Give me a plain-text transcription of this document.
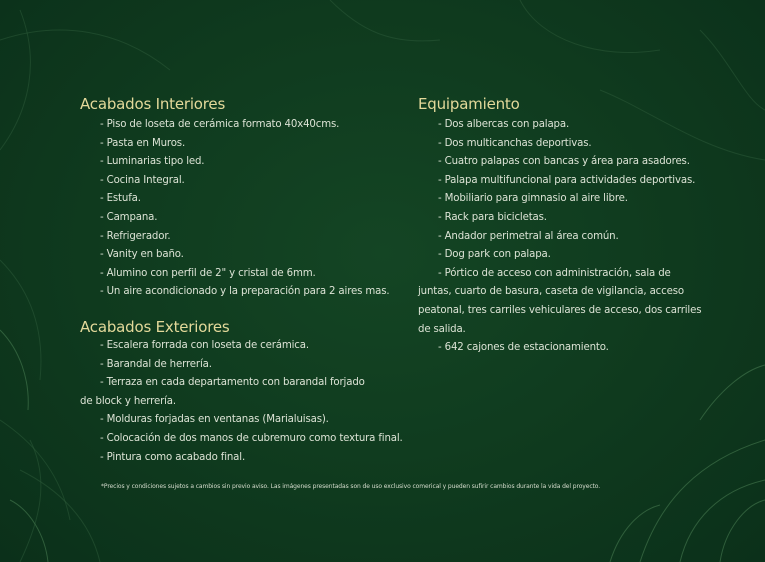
Acabados Interiores
- Piso de loseta de cerámica formato 40x40cms.
- Pasta en Muros.
- Luminarias tipo led.
- Cocina Integral.
- Estufa.
- Campana.
- Refrigerador.
- Vanity en baño.
- Alumino con perfil de 2" y cristal de 6mm.
- Un aire acondicionado y la preparación para 2 aires mas.
Acabados Exteriores
- Escalera forrada con loseta de cerámica.
- Barandal de herrería.
- Terraza en cada departamento con barandal forjado de block y herrería.
- Molduras forjadas en ventanas (Marialuisas).
- Colocación de dos manos de cubremuro como textura final.
- Pintura como acabado final.
Equipamiento
- Dos albercas con palapa.
- Dos multicanchas deportivas.
- Cuatro palapas con bancas y área para asadores.
- Palapa multifuncional para actividades deportivas.
- Mobiliario para gimnasio al aire libre.
- Rack para bicicletas.
- Andador perimetral al área común.
- Dog park con palapa.
- Pórtico de acceso con administración, sala de juntas, cuarto de basura, caseta de vigilancia, acceso peatonal, tres carriles vehiculares de acceso, dos carriles de salida.
- 642 cajones de estacionamiento.
*Precios y condiciones sujetos a cambios sin previo aviso. Las imágenes presentadas son de uso exclusivo comerical y pueden sufirir cambios durante la vida del proyecto.
